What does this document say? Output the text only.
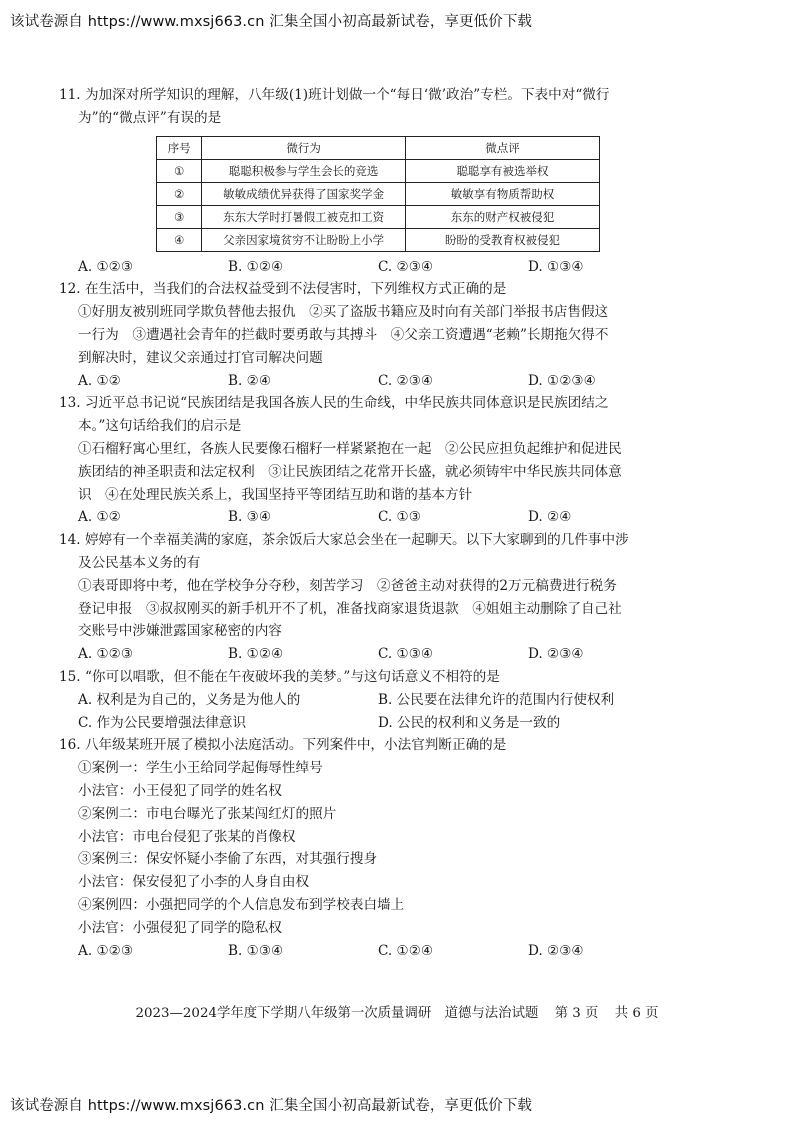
该试卷源自 https://www.mxsj663.cn 汇集全国小初高最新试卷，享更低价下载
11. 为加深对所学知识的理解，八年级(1)班计划做一个“每日‘微’政治”专栏。下表中对“微行
为”的“微点评”有误的是
序号	微行为	微点评
①	聪聪积极参与学生会长的竞选	聪聪享有被选举权
②	敏敏成绩优异获得了国家奖学金	敏敏享有物质帮助权
③	东东大学时打暑假工被克扣工资	东东的财产权被侵犯
④	父亲因家境贫穷不让盼盼上小学	盼盼的受教育权被侵犯
A. ①②③	B. ①②④	C. ②③④	D. ①③④
12. 在生活中，当我们的合法权益受到不法侵害时，下列维权方式正确的是
①好朋友被别班同学欺负替他去报仇　②买了盗版书籍应及时向有关部门举报书店售假这
一行为　③遭遇社会青年的拦截时要勇敢与其搏斗　④父亲工资遭遇“老赖”长期拖欠得不
到解决时，建议父亲通过打官司解决问题
A. ①②	B. ②④	C. ②③④	D. ①②③④
13. 习近平总书记说“民族团结是我国各族人民的生命线，中华民族共同体意识是民族团结之
本。”这句话给我们的启示是
①石榴籽寓心里红，各族人民要像石榴籽一样紧紧抱在一起　②公民应担负起维护和促进民
族团结的神圣职责和法定权利　③让民族团结之花常开长盛，就必须铸牢中华民族共同体意
识　④在处理民族关系上，我国坚持平等团结互助和谐的基本方针
A. ①②	B. ③④	C. ①③	D. ②④
14. 婷婷有一个幸福美满的家庭，茶余饭后大家总会坐在一起聊天。以下大家聊到的几件事中涉
及公民基本义务的有
①表哥即将中考，他在学校争分夺秒，刻苦学习　②爸爸主动对获得的2万元稿费进行税务
登记申报　③叔叔刚买的新手机开不了机，准备找商家退货退款　④姐姐主动删除了自己社
交账号中涉嫌泄露国家秘密的内容
A. ①②③	B. ①②④	C. ①③④	D. ②③④
15. “你可以唱歌，但不能在午夜破坏我的美梦。”与这句话意义不相符的是
A. 权利是为自己的，义务是为他人的	B. 公民要在法律允许的范围内行使权利
C. 作为公民要增强法律意识	D. 公民的权利和义务是一致的
16. 八年级某班开展了模拟小法庭活动。下列案件中，小法官判断正确的是
①案例一：学生小王给同学起侮辱性绰号
小法官：小王侵犯了同学的姓名权
②案例二：市电台曝光了张某闯红灯的照片
小法官：市电台侵犯了张某的肖像权
③案例三：保安怀疑小李偷了东西，对其强行搜身
小法官：保安侵犯了小李的人身自由权
④案例四：小强把同学的个人信息发布到学校表白墙上
小法官：小强侵犯了同学的隐私权
A. ①②③	B. ①③④	C. ①②④	D. ②③④
2023—2024学年度下学期八年级第一次质量调研　道德与法治试题 第 3 页 共 6 页
该试卷源自 https://www.mxsj663.cn 汇集全国小初高最新试卷，享更低价下载
